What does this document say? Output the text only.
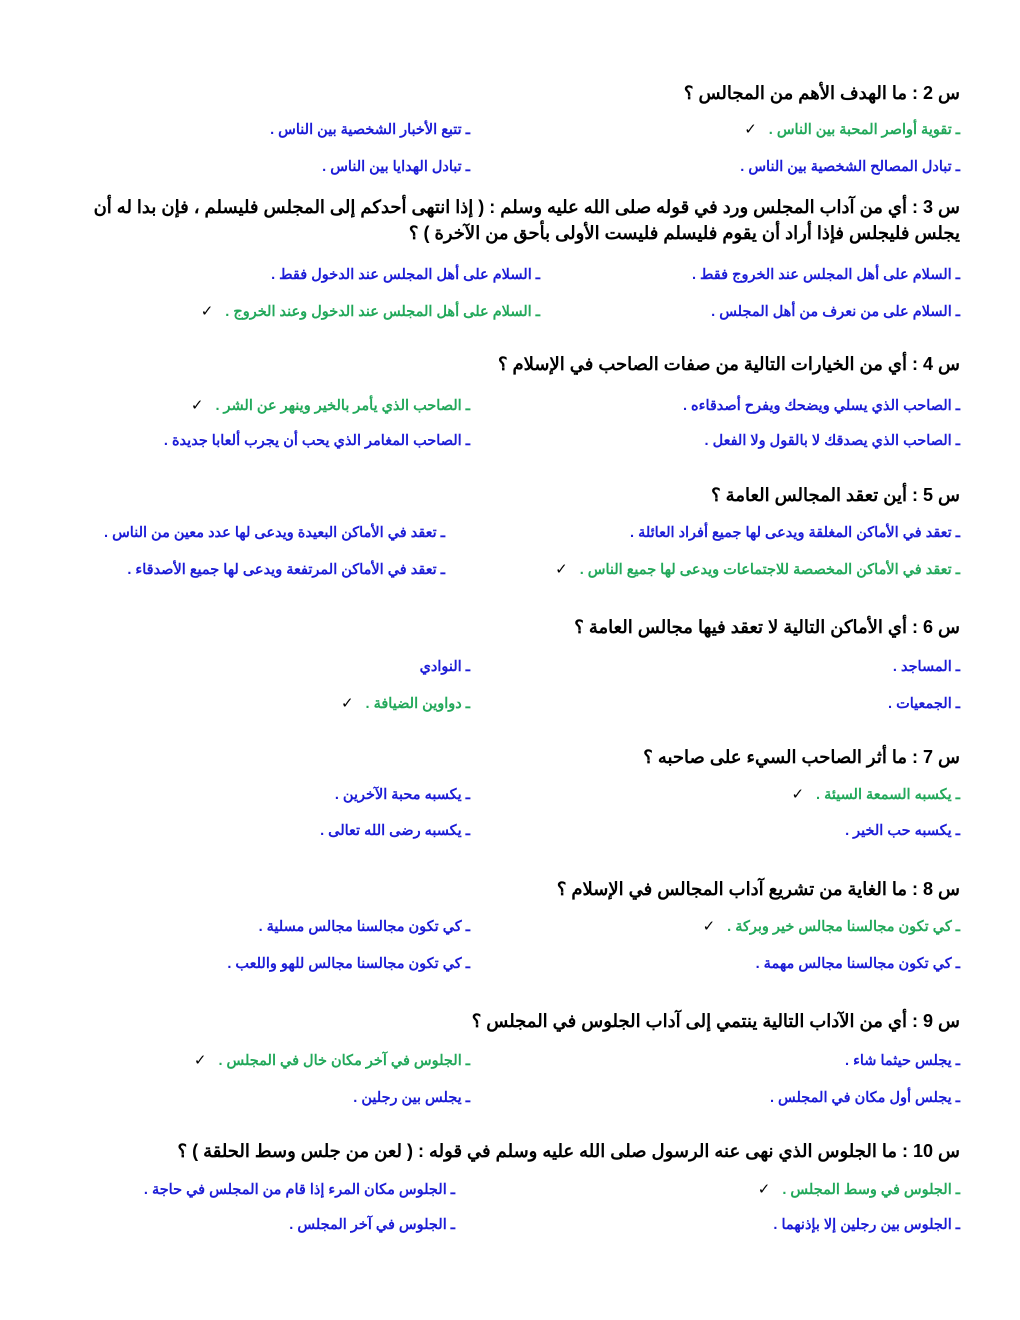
س 2 : ما الهدف الأهم من المجالس ؟
ـ تقوية أواصر المحبة بين الناس .✓
ـ تتبع الأخبار الشخصية بين الناس .
ـ تبادل المصالح الشخصية بين الناس .
ـ تبادل الهدايا بين الناس .
س 3 : أي من آداب المجلس ورد في قوله صلى الله عليه وسلم : ( إذا انتهى أحدكم إلى المجلس فليسلم ، فإن بدا له أن يجلس فليجلس فإذا أراد أن يقوم فليسلم فليست الأولى بأحق من الآخرة ) ؟
ـ السلام على أهل المجلس عند الخروج فقط .
ـ السلام على أهل المجلس عند الدخول فقط .
ـ السلام على من نعرف من أهل المجلس .
ـ السلام على أهل المجلس عند الدخول وعند الخروج .✓
س 4 : أي من الخيارات التالية من صفات الصاحب في الإسلام ؟
ـ الصاحب الذي يسلي ويضحك ويفرح أصدقاءه .
ـ الصاحب الذي يأمر بالخير وينهر عن الشر .✓
ـ الصاحب الذي يصدقك لا بالقول ولا الفعل .
ـ الصاحب المغامر الذي يحب أن يجرب ألعابا جديدة .
س 5 : أين تعقد المجالس العامة ؟
ـ تعقد في الأماكن المغلقة ويدعى لها جميع أفراد العائلة .
ـ تعقد في الأماكن البعيدة ويدعى لها عدد معين من الناس .
ـ تعقد في الأماكن المخصصة للاجتماعات ويدعى لها جميع الناس .✓
ـ تعقد في الأماكن المرتفعة ويدعى لها جميع الأصدقاء .
س 6 : أي الأماكن التالية لا تعقد فيها مجالس العامة ؟
ـ المساجد .
ـ النوادي
ـ الجمعيات .
ـ دواوين الضيافة .✓
س 7 : ما أثر الصاحب السيء على صاحبه ؟
ـ يكسبه السمعة السيئة .✓
ـ يكسبه محبة الآخرين .
ـ يكسبه حب الخير .
ـ يكسبه رضى الله تعالى .
س 8 : ما الغاية من تشريع آداب المجالس في الإسلام ؟
ـ كي تكون مجالسنا مجالس خير وبركة .✓
ـ كي تكون مجالسنا مجالس مسلية .
ـ كي تكون مجالسنا مجالس مهمة .
ـ كي تكون مجالسنا مجالس للهو واللعب .
س 9 : أي من الآداب التالية ينتمي إلى آداب الجلوس في المجلس ؟
ـ يجلس حيثما شاء .
ـ الجلوس في آخر مكان خال في المجلس .✓
ـ يجلس أول مكان في المجلس .
ـ يجلس بين رجلين .
س 10 : ما الجلوس الذي نهى عنه الرسول صلى الله عليه وسلم في قوله : ( لعن من جلس وسط الحلقة ) ؟
ـ الجلوس في وسط المجلس .✓
ـ الجلوس مكان المرء إذا قام من المجلس في حاجة .
ـ الجلوس بين رجلين إلا بإذنهما .
ـ الجلوس في آخر المجلس .
